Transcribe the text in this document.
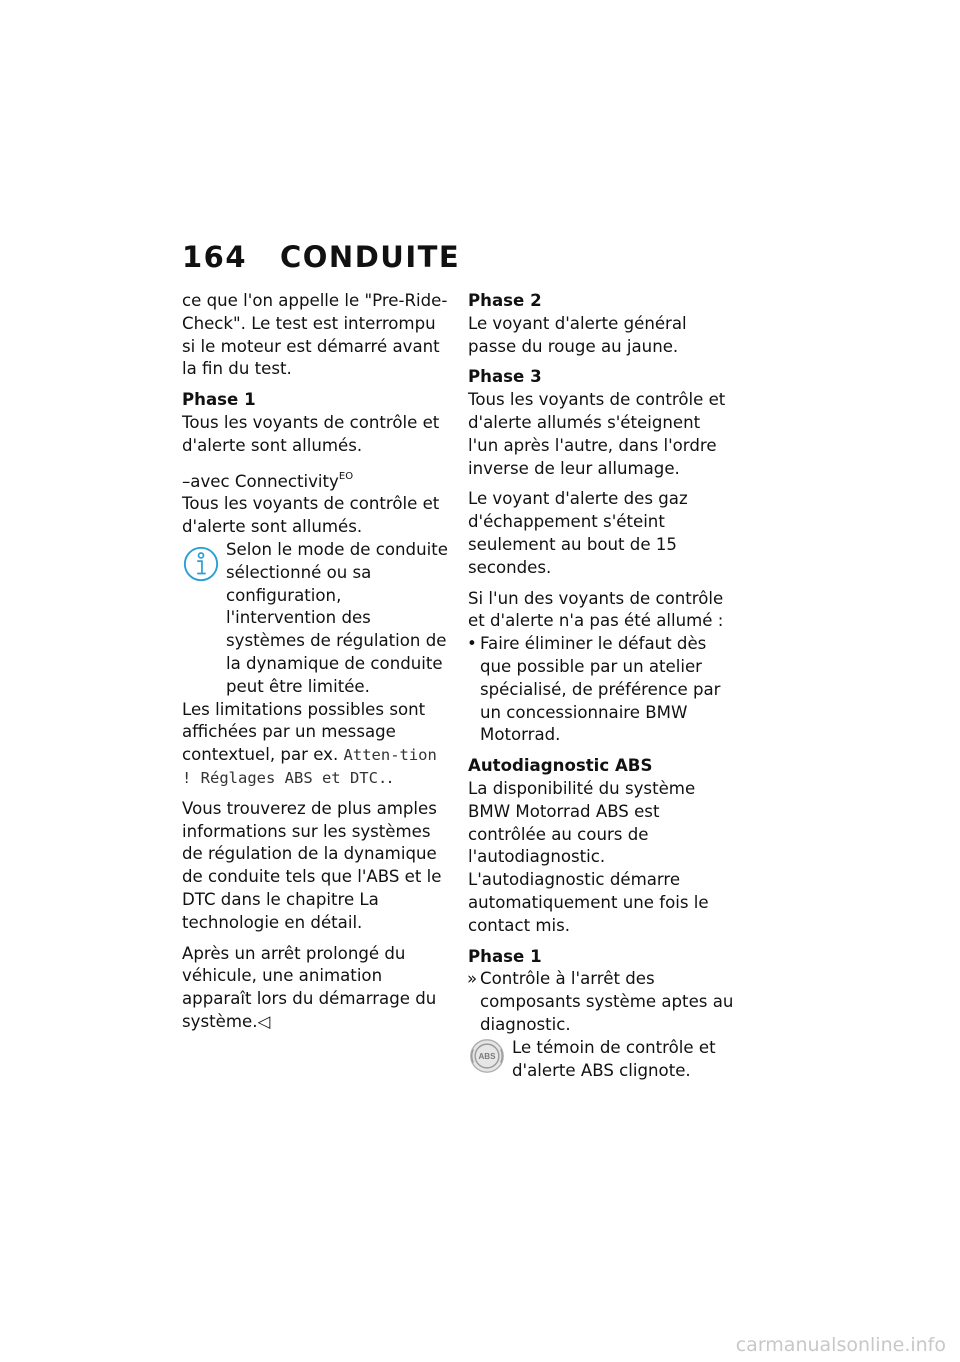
164 CONDUITE

ce que l'on appelle le "Pre-Ride-Check". Le test est interrompu si le moteur est démarré avant la fin du test.

Phase 1
Tous les voyants de contrôle et d'alerte sont allumés.

–avec Connectivity$^{EO}$
Tous les voyants de contrôle et d'alerte sont allumés.

Selon le mode de conduite sélectionné ou sa configuration, l'intervention des systèmes de régulation de la dynamique de conduite peut être limitée.

Les limitations possibles sont affichées par un message contextuel, par ex. Atten-tion ! Réglages ABS et DTC..

Vous trouverez de plus amples informations sur les systèmes de régulation de la dynamique de conduite tels que l'ABS et le DTC dans le chapitre La technologie en détail.

Après un arrêt prolongé du véhicule, une animation apparaît lors du démarrage du système.◁

Phase 2
Le voyant d'alerte général passe du rouge au jaune.

Phase 3
Tous les voyants de contrôle et d'alerte allumés s'éteignent l'un après l'autre, dans l'ordre inverse de leur allumage.

Le voyant d'alerte des gaz d'échappement s'éteint seulement au bout de 15 secondes.

Si l'un des voyants de contrôle et d'alerte n'a pas été allumé :

• Faire éliminer le défaut dès que possible par un atelier spécialisé, de préférence par un concessionnaire BMW Motorrad.

Autodiagnostic ABS
La disponibilité du système BMW Motorrad ABS est contrôlée au cours de l'autodiagnostic. L'autodiagnostic démarre automatiquement une fois le contact mis.

Phase 1

» Contrôle à l'arrêt des composants système aptes au diagnostic.
ABS Le témoin de contrôle et d'alerte ABS clignote.

carmanualsonline.info
